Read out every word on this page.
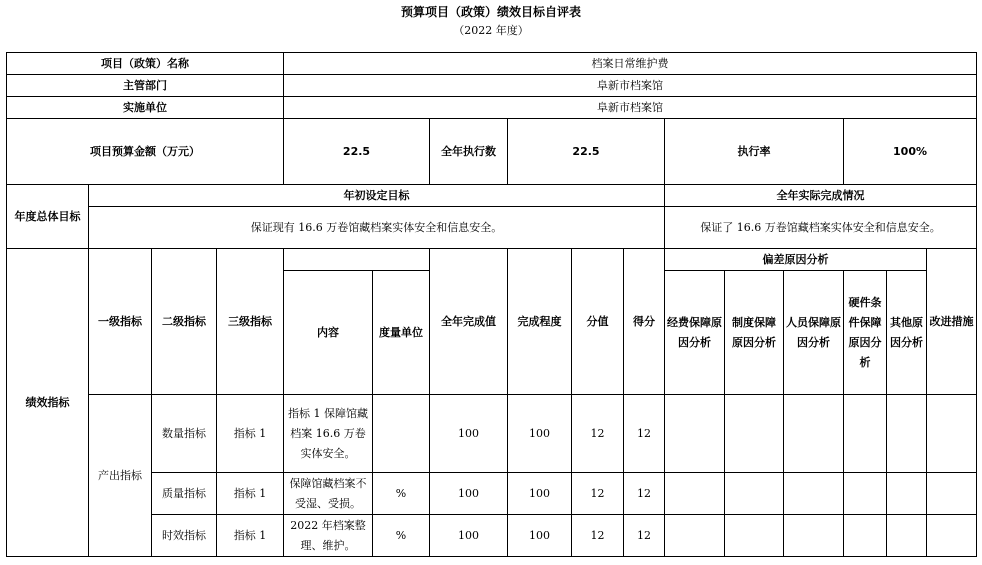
预算项目（政策）绩效目标自评表
（2022 年度）
项目（政策）名称				档案日常维护费											
主管部门				阜新市档案馆											
实施单位				阜新市档案馆											
项目预算金额（万元）				22.5		全年执行数	22.5			执行率			100%		
年度总体目标	年初设定目标									全年实际完成情况					
	保证现有 16.6 万卷馆藏档案实体安全和信息安全。									保证了 16.6 万卷馆藏档案实体安全和信息安全。					
绩效指标	一级指标	二级指标	三级指标			全年完成值	完成程度	分值	得分	偏差原因分析					改进措施
				内容	度量单位					经费保障原因分析	制度保障原因分析	人员保障原因分析	硬件条件保障原因分析	其他原因分析	
	产出指标	数量指标	指标 1	指标 1 保障馆藏档案 16.6 万卷实体安全。		100	100	12	12						
		质量指标	指标 1	保障馆藏档案不受湿、受损。	%	100	100	12	12						
		时效指标	指标 1	2022 年档案整理、维护。	%	100	100	12	12						
